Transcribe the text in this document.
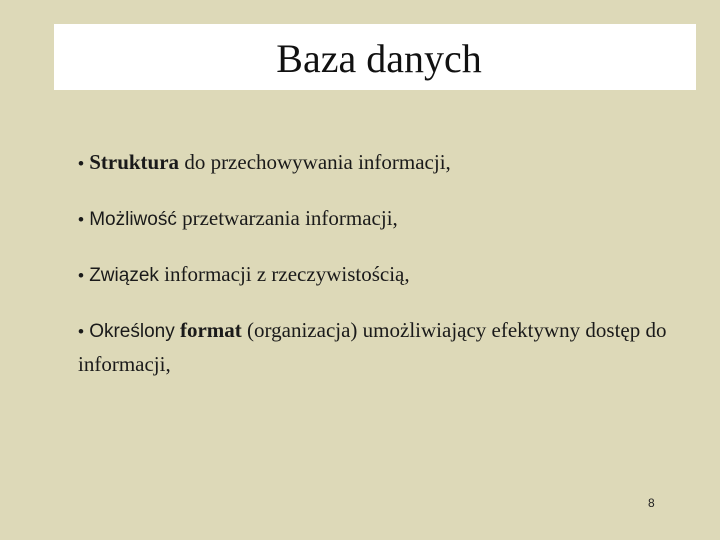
Baza danych
• Struktura do przechowywania informacji,
• Możliwość przetwarzania informacji,
• Związek informacji z rzeczywistością,
• Określony format (organizacja) umożliwiający efektywny dostęp do informacji,
8
